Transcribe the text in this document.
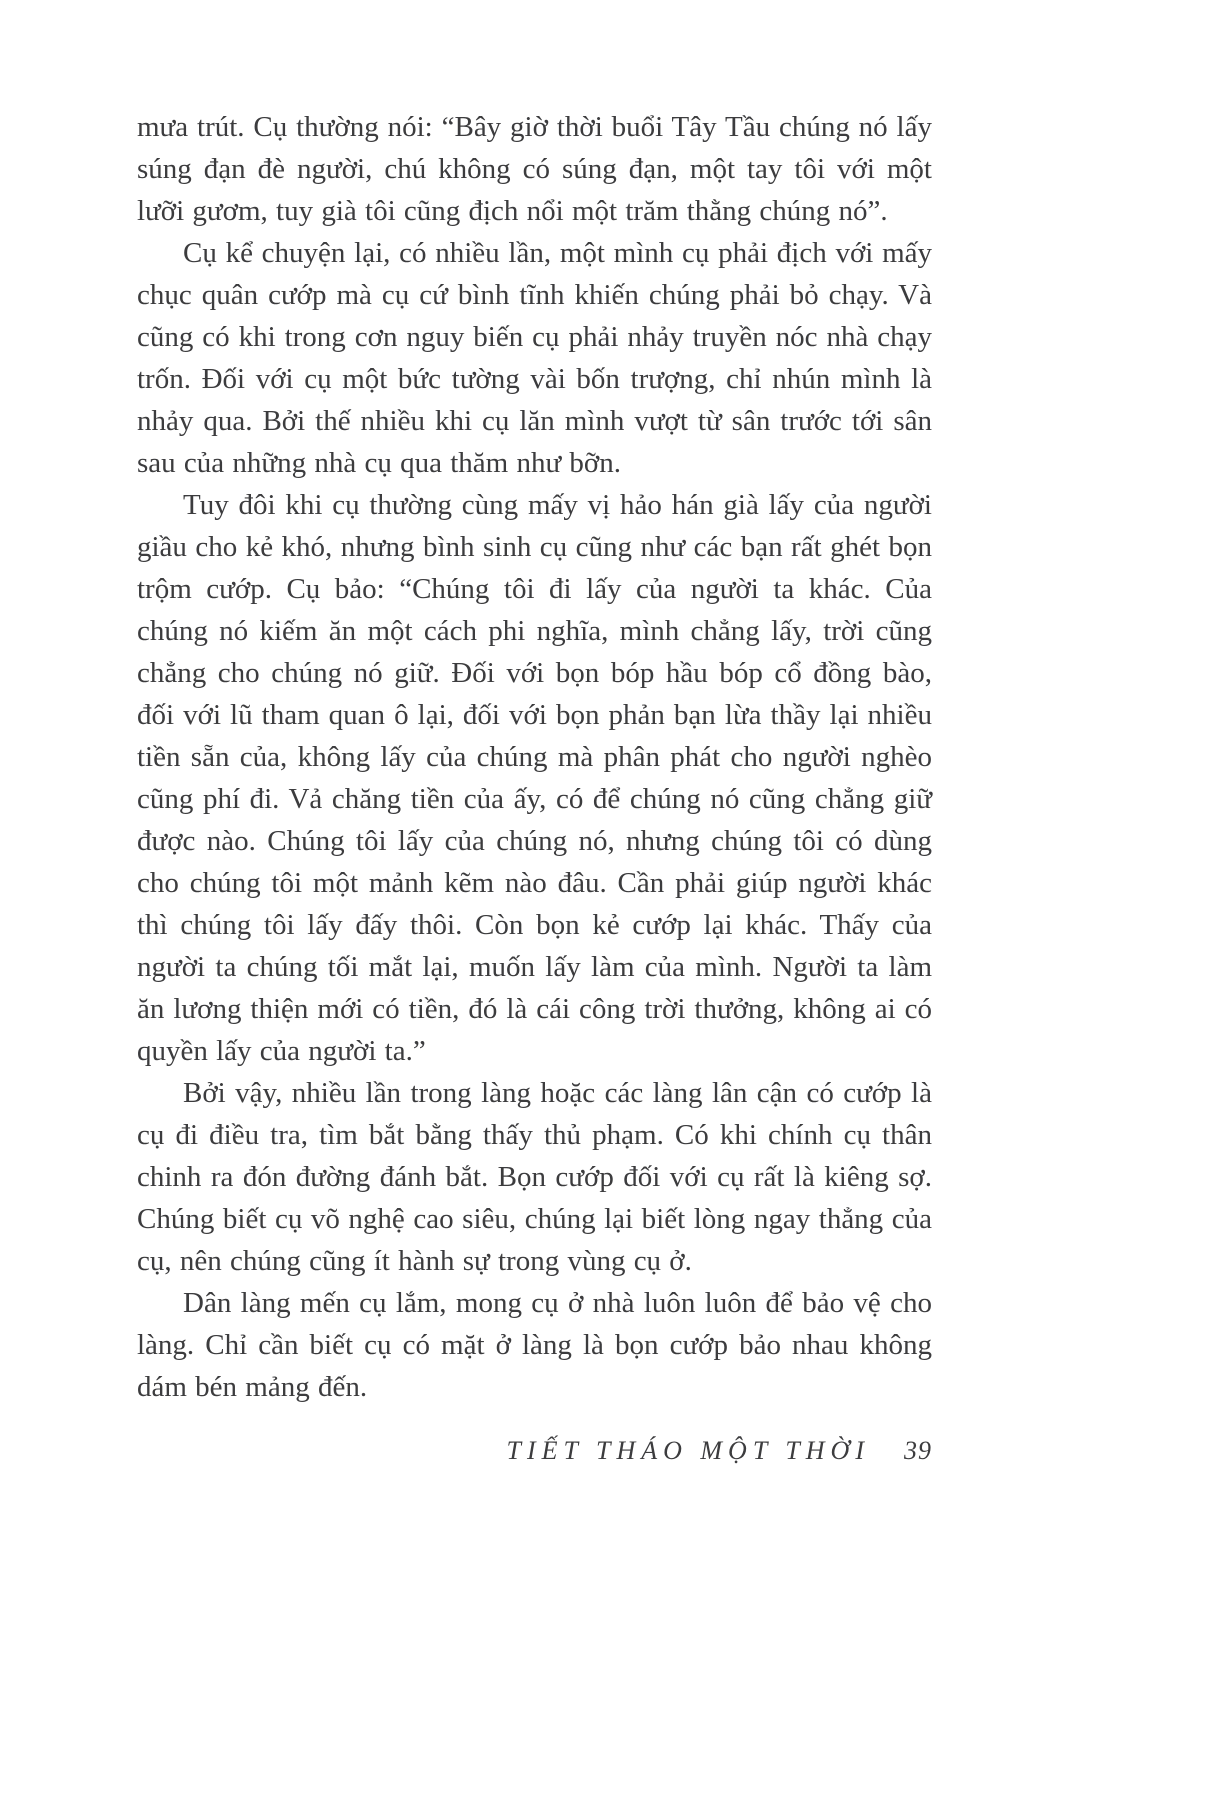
mưa trút. Cụ thường nói: “Bây giờ thời buổi Tây Tầu chúng nó lấy súng đạn đè người, chú không có súng đạn, một tay tôi với một lưỡi gươm, tuy già tôi cũng địch nổi một trăm thằng chúng nó”.

Cụ kể chuyện lại, có nhiều lần, một mình cụ phải địch với mấy chục quân cướp mà cụ cứ bình tĩnh khiến chúng phải bỏ chạy. Và cũng có khi trong cơn nguy biến cụ phải nhảy truyền nóc nhà chạy trốn. Đối với cụ một bức tường vài bốn trượng, chỉ nhún mình là nhảy qua. Bởi thế nhiều khi cụ lăn mình vượt từ sân trước tới sân sau của những nhà cụ qua thăm như bỡn.

Tuy đôi khi cụ thường cùng mấy vị hảo hán già lấy của người giầu cho kẻ khó, nhưng bình sinh cụ cũng như các bạn rất ghét bọn trộm cướp. Cụ bảo: “Chúng tôi đi lấy của người ta khác. Của chúng nó kiếm ăn một cách phi nghĩa, mình chẳng lấy, trời cũng chẳng cho chúng nó giữ. Đối với bọn bóp hầu bóp cổ đồng bào, đối với lũ tham quan ô lại, đối với bọn phản bạn lừa thầy lại nhiều tiền sẵn của, không lấy của chúng mà phân phát cho người nghèo cũng phí đi. Vả chăng tiền của ấy, có để chúng nó cũng chẳng giữ được nào. Chúng tôi lấy của chúng nó, nhưng chúng tôi có dùng cho chúng tôi một mảnh kẽm nào đâu. Cần phải giúp người khác thì chúng tôi lấy đấy thôi. Còn bọn kẻ cướp lại khác. Thấy của người ta chúng tối mắt lại, muốn lấy làm của mình. Người ta làm ăn lương thiện mới có tiền, đó là cái công trời thưởng, không ai có quyền lấy của người ta.”

Bởi vậy, nhiều lần trong làng hoặc các làng lân cận có cướp là cụ đi điều tra, tìm bắt bằng thấy thủ phạm. Có khi chính cụ thân chinh ra đón đường đánh bắt. Bọn cướp đối với cụ rất là kiêng sợ. Chúng biết cụ võ nghệ cao siêu, chúng lại biết lòng ngay thẳng của cụ, nên chúng cũng ít hành sự trong vùng cụ ở.

Dân làng mến cụ lắm, mong cụ ở nhà luôn luôn để bảo vệ cho làng. Chỉ cần biết cụ có mặt ở làng là bọn cướp bảo nhau không dám bén mảng đến.

TIẾT THÁO MỘT THỜI 39
